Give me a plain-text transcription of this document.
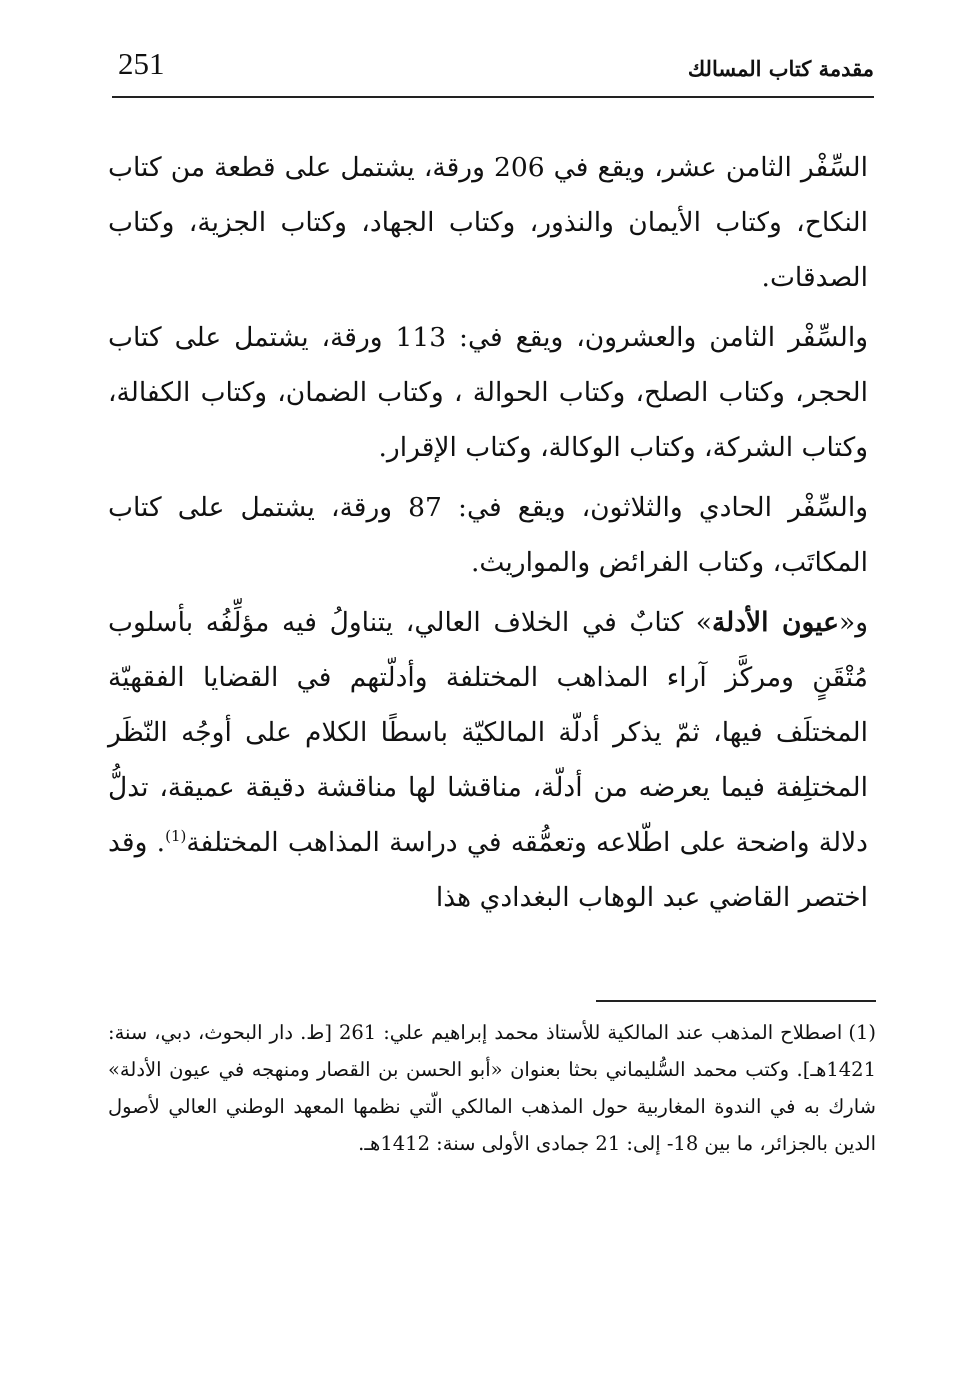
251	مقدمة كتاب المسالك

السِّفْر الثامن عشر، ويقع في 206 ورقة، يشتمل على قطعة من كتاب النكاح، وكتاب الأيمان والنذور، وكتاب الجهاد، وكتاب الجزية، وكتاب الصدقات.

والسِّفْر الثامن والعشرون، ويقع في: 113 ورقة، يشتمل على كتاب الحجر، وكتاب الصلح، وكتاب الحوالة ، وكتاب الضمان، وكتاب الكفالة، وكتاب الشركة، وكتاب الوكالة، وكتاب الإقرار.

والسِّفْر الحادي والثلاثون، ويقع في: 87 ورقة، يشتمل على كتاب المكاتَب، وكتاب الفرائض والمواريث.

و«عيون الأدلة» كتابٌ في الخلاف العالي، يتناولُ فيه مؤلِّفُه بأسلوب مُتْقَنٍ ومركَّز آراء المذاهب المختلفة وأدلّتهم في القضايا الفقهيّة المختلَف فيها، ثمّ يذكر أدلّة المالكيّة باسطًا الكلام على أوجُه النّظَر المختلِفة فيما يعرضه من أدلّة، مناقشا لها مناقشة دقيقة عميقة، تدلُّ دلالة واضحة على اطّلاعه وتعمُّقه في دراسة المذاهب المختلفة$^{(1)}$. وقد اختصر القاضي عبد الوهاب البغدادي هذا

(1)اصطلاح المذهب عند المالكية للأستاذ محمد إبراهيم علي: 261 [ط. دار البحوث، دبي، سنة: 1421هـ]. وكتب محمد السُّليماني بحثا بعنوان «أبو الحسن بن القصار ومنهجه في عيون الأدلة» شارك به في الندوة المغاربية حول المذهب المالكي الّتي نظمها المعهد الوطني العالي لأصول الدين بالجزائر، ما بين 18- إلى: 21 جمادى الأولى سنة: 1412هـ.
